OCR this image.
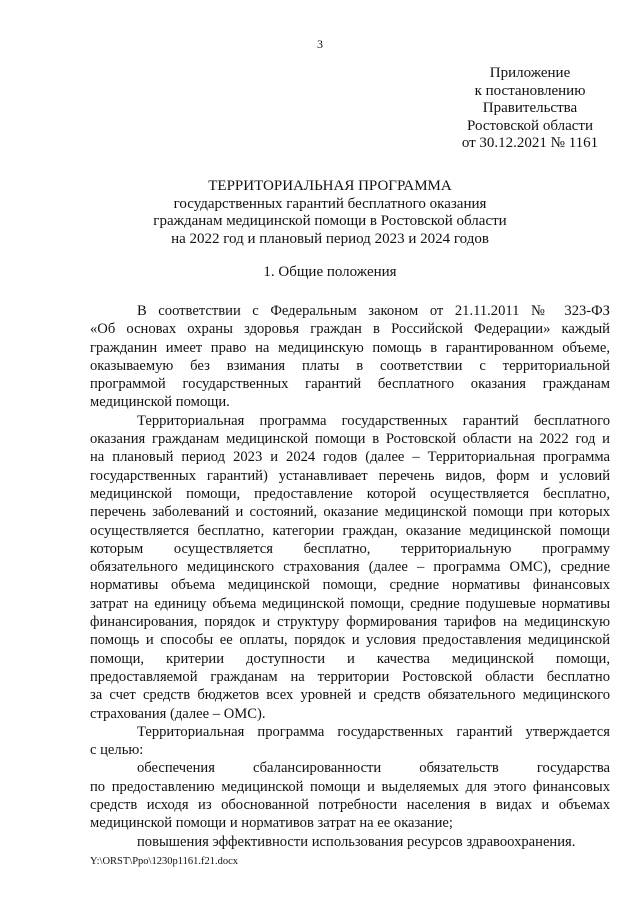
3
Приложение
к постановлению
Правительства
Ростовской области
от 30.12.2021 № 1161
ТЕРРИТОРИАЛЬНАЯ ПРОГРАММА
государственных гарантий бесплатного оказания
гражданам медицинской помощи в Ростовской области
на 2022 год и плановый период 2023 и 2024 годов
1. Общие положения
В соответствии с Федеральным законом от 21.11.2011 № 323-ФЗ
«Об основах охраны здоровья граждан в Российской Федерации» каждый
гражданин имеет право на медицинскую помощь в гарантированном объеме,
оказываемую без взимания платы в соответствии с территориальной
программой государственных гарантий бесплатного оказания гражданам
медицинской помощи.
Территориальная программа государственных гарантий бесплатного
оказания гражданам медицинской помощи в Ростовской области на 2022 год и
на плановый период 2023 и 2024 годов (далее – Территориальная программа
государственных гарантий) устанавливает перечень видов, форм и условий
медицинской помощи, предоставление которой осуществляется бесплатно,
перечень заболеваний и состояний, оказание медицинской помощи при которых
осуществляется бесплатно, категории граждан, оказание медицинской помощи
которым осуществляется бесплатно, территориальную программу
обязательного медицинского страхования (далее – программа ОМС), средние
нормативы объема медицинской помощи, средние нормативы финансовых
затрат на единицу объема медицинской помощи, средние подушевые нормативы
финансирования, порядок и структуру формирования тарифов на медицинскую
помощь и способы ее оплаты, порядок и условия предоставления медицинской
помощи, критерии доступности и качества медицинской помощи,
предоставляемой гражданам на территории Ростовской области бесплатно
за счет средств бюджетов всех уровней и средств обязательного медицинского
страхования (далее – ОМС).
Территориальная программа государственных гарантий утверждается
с целью:
обеспечения сбалансированности обязательств государства
по предоставлению медицинской помощи и выделяемых для этого финансовых
средств исходя из обоснованной потребности населения в видах и объемах
медицинской помощи и нормативов затрат на ее оказание;
повышения эффективности использования ресурсов здравоохранения.
Y:\ORST\Ppo\1230p1161.f21.docx
